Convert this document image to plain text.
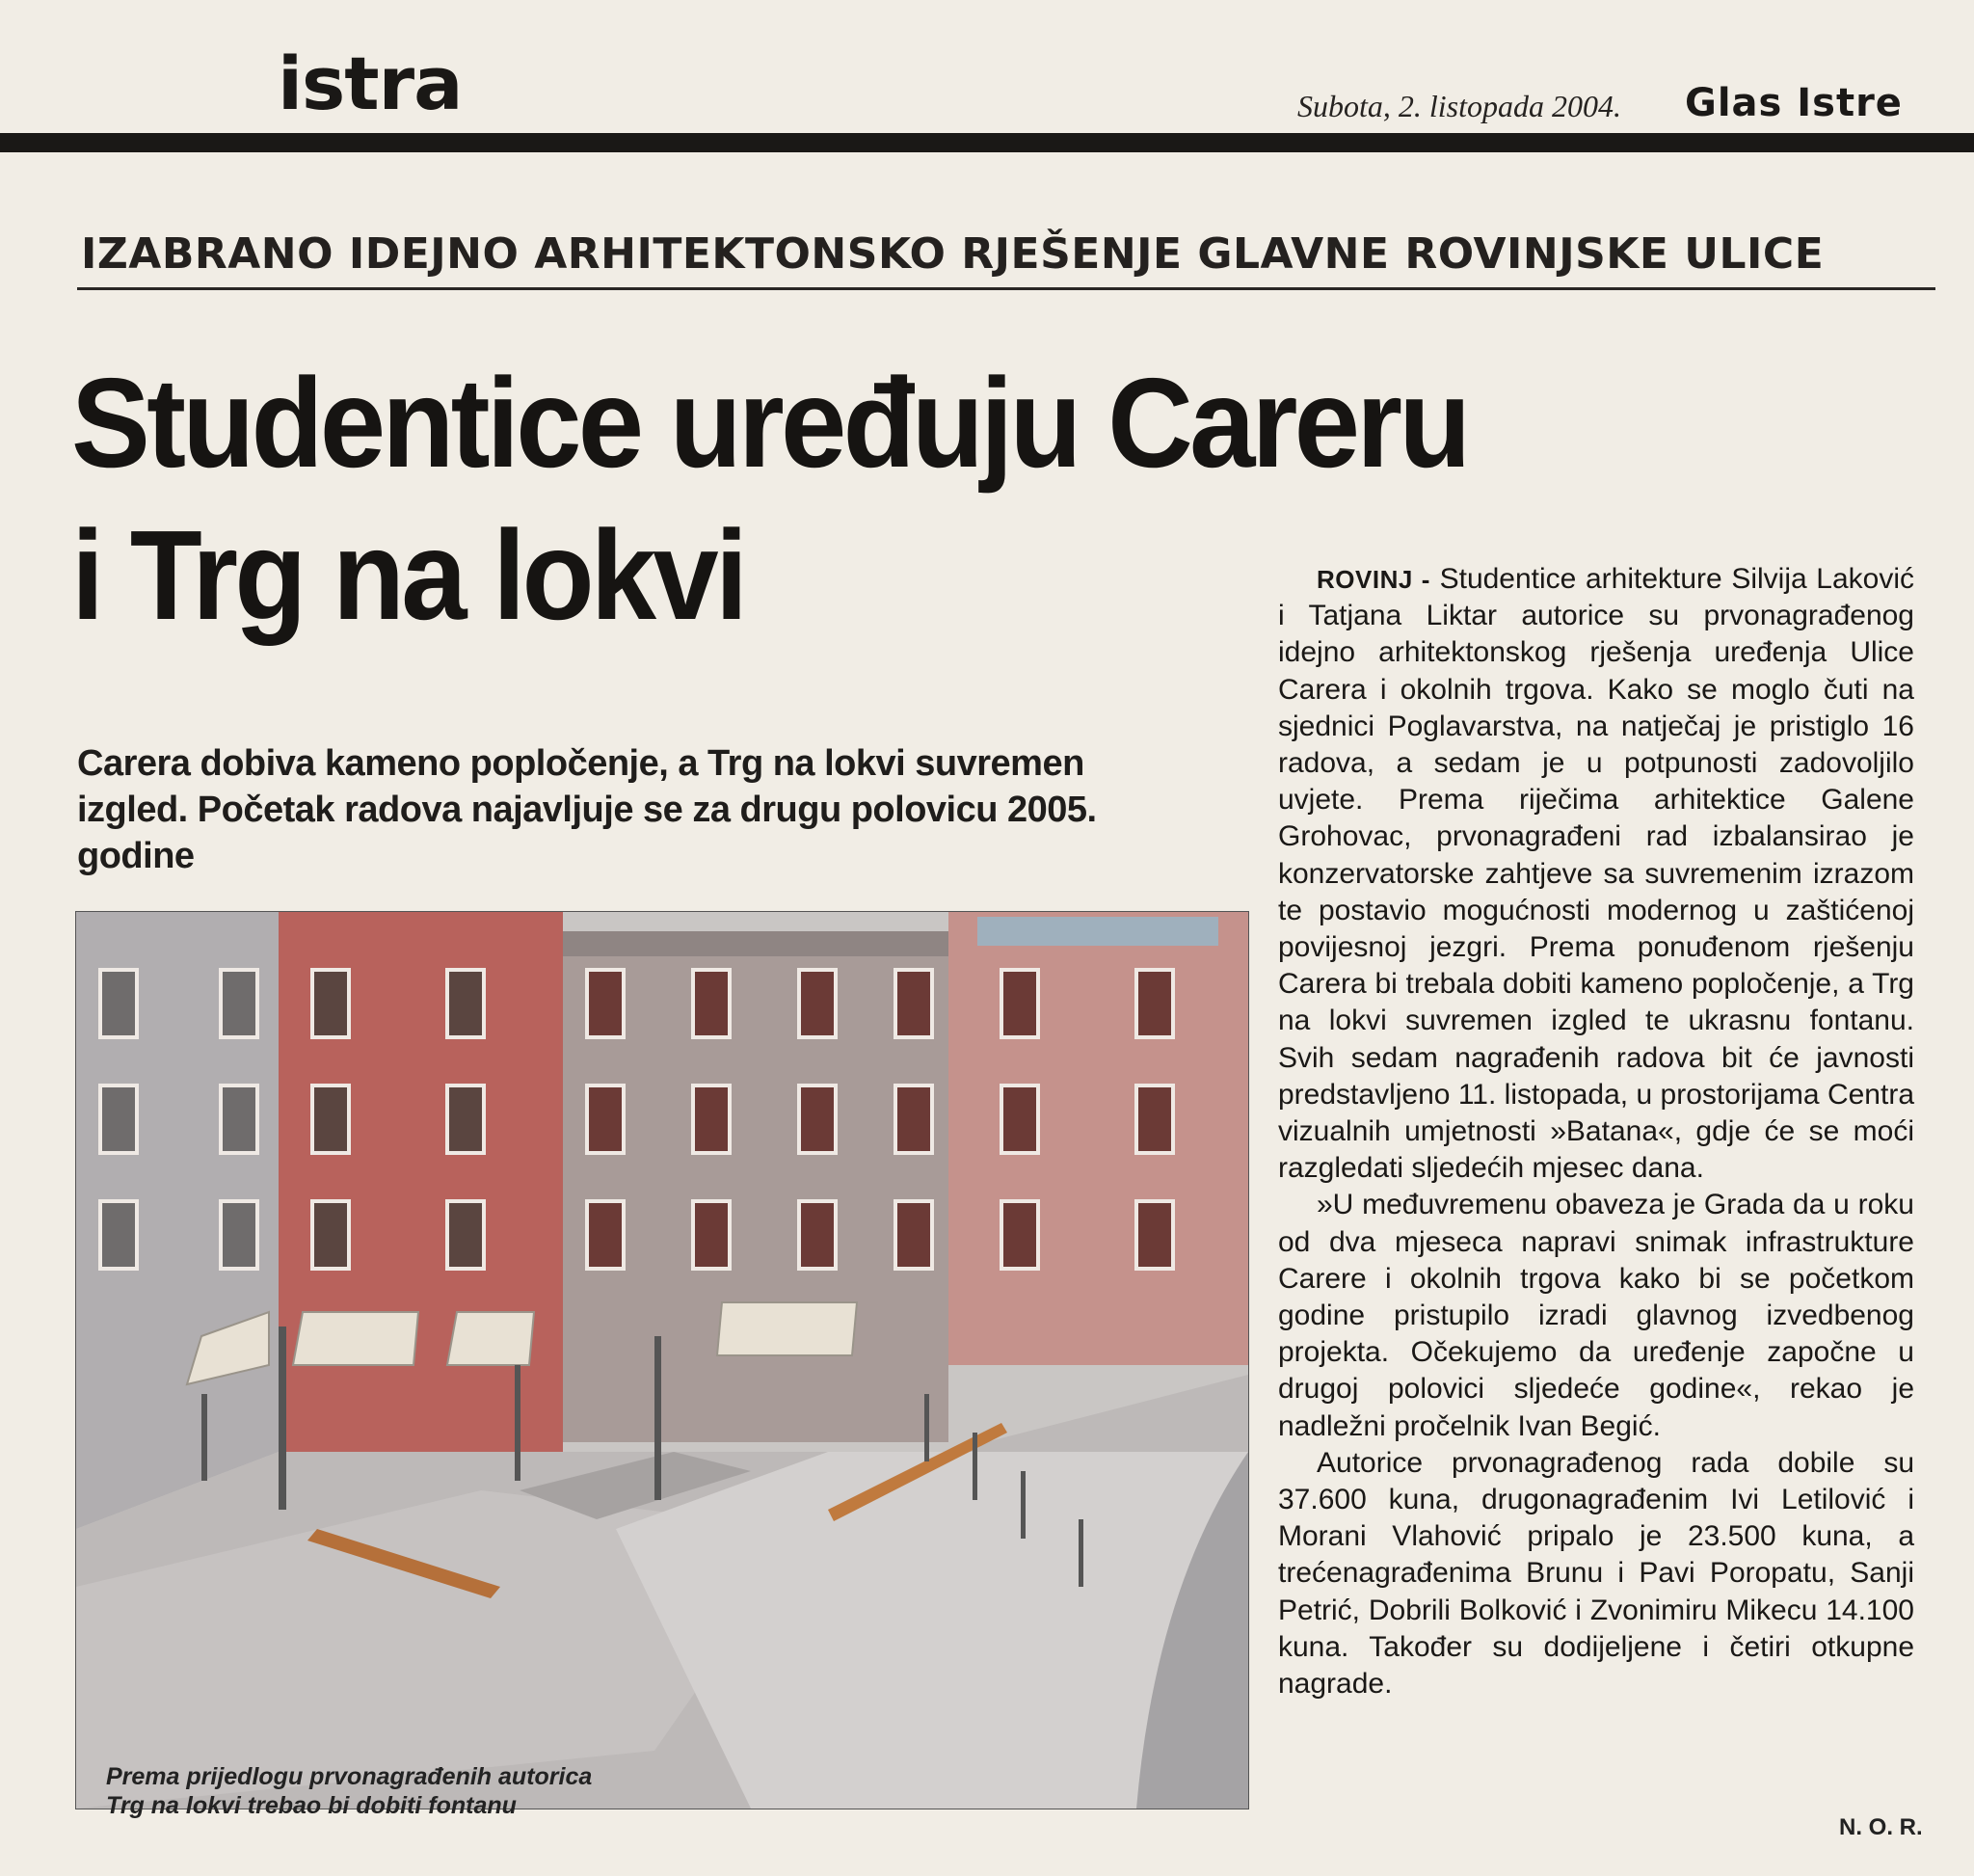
istra	Subota, 2. listopada 2004. Glas Istre
IZABRANO IDEJNO ARHITEKTONSKO RJEŠENJE GLAVNE ROVINJSKE ULICE
Studentice uređuju Careru
i Trg na lokvi
Carera dobiva kameno popločenje, a Trg na lokvi suvremen izgled. Početak radova najavljuje se za drugu polovicu 2005. godine
Prema prijedlogu prvonagrađenih autorica
Trg na lokvi trebao bi dobiti fontanu

ROVINJ - Studentice arhitekture Silvija Laković i Tatjana Liktar autorice su prvonagrađenog idejno arhitektonskog rješenja uređenja Ulice Carera i okolnih trgova. Kako se moglo čuti na sjednici Poglavarstva, na natječaj je pristiglo 16 radova, a sedam je u potpunosti zadovoljilo uvjete. Prema riječima arhitektice Galene Grohovac, prvonagrađeni rad izbalansirao je konzervatorske zahtjeve sa suvremenim izrazom te postavio mogućnosti modernog u zaštićenoj povijesnoj jezgri. Prema ponuđenom rješenju Carera bi trebala dobiti kameno popločenje, a Trg na lokvi suvremen izgled te ukrasnu fontanu. Svih sedam nagrađenih radova bit će javnosti predstavljeno 11. listopada, u prostorijama Centra vizualnih umjetnosti »Batana«, gdje će se moći razgledati sljedećih mjesec dana.

»U međuvremenu obaveza je Grada da u roku od dva mjeseca napravi snimak infrastrukture Carere i okolnih trgova kako bi se početkom godine pristupilo izradi glavnog izvedbenog projekta. Očekujemo da uređenje započne u drugoj polovici sljedeće godine«, rekao je nadležni pročelnik Ivan Begić.

Autorice prvonagrađenog rada dobile su 37.600 kuna, drugonagrađenim Ivi Letilović i Morani Vlahović pripalo je 23.500 kuna, a trećenagrađenima Brunu i Pavi Poropatu, Sanji Petrić, Dobrili Bolković i Zvonimiru Mikecu 14.100 kuna. Također su dodijeljene i četiri otkupne nagrade.

N. O. R.
